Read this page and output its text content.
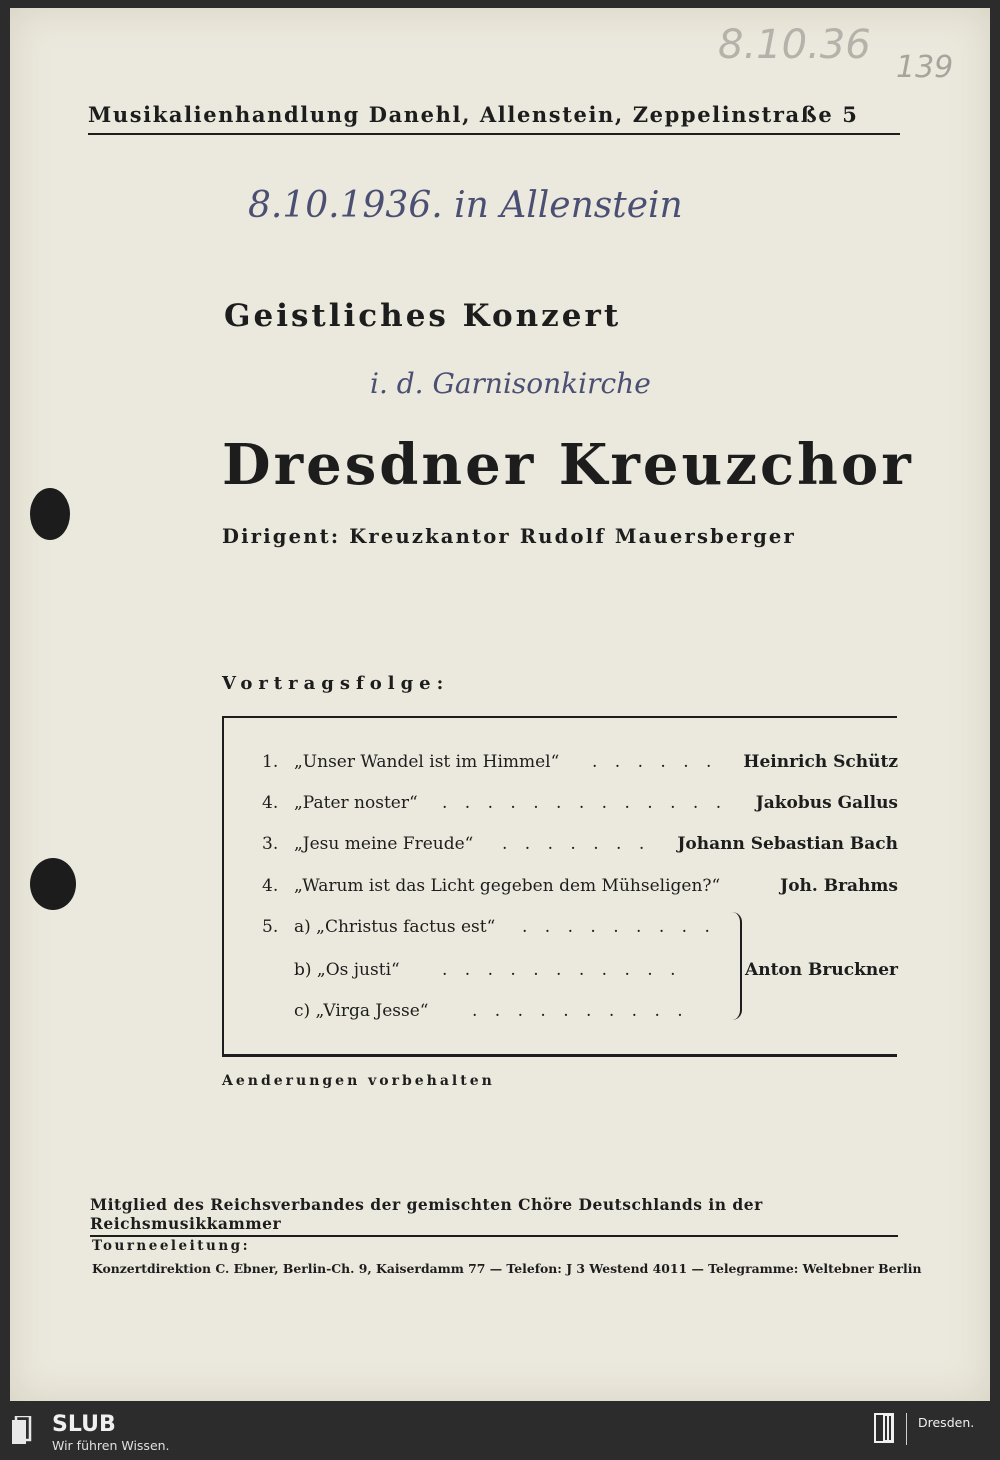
8.10.36 139
Musikalienhandlung Danehl, Allenstein, Zeppelinstraße 5
8.10.1936. in Allenstein
Geistliches Konzert
i. d. Garnisonkirche
Dresdner Kreuzchor
Dirigent: Kreuzkantor Rudolf Mauersberger
Vortragsfolge:
1. „Unser Wandel ist im Himmel“ . . . . . . Heinrich Schütz
4. „Pater noster“ . . . . . . . . . . . . . Jakobus Gallus
3. „Jesu meine Freude“ . . . . . . . Johann Sebastian Bach
4. „Warum ist das Licht gegeben dem Mühseligen?“	Joh. Brahms
5. a) „Christus factus est“ . . . . . . . . .
b) „Os justi“ . . . . . . . . . . .	Anton Bruckner
c) „Virga Jesse“	. . . . . . . . . .
Aenderungen vorbehalten
Mitglied des Reichsverbandes der gemischten Chöre Deutschlands in der Reichsmusikkammer
Tourneeleitung:
Konzertdirektion C. Ebner, Berlin-Ch. 9, Kaiserdamm 77 — Telefon: J 3 Westend 4011 — Telegramme: Weltebner Berlin
SLUB
Wir führen Wissen.
Dresden.
